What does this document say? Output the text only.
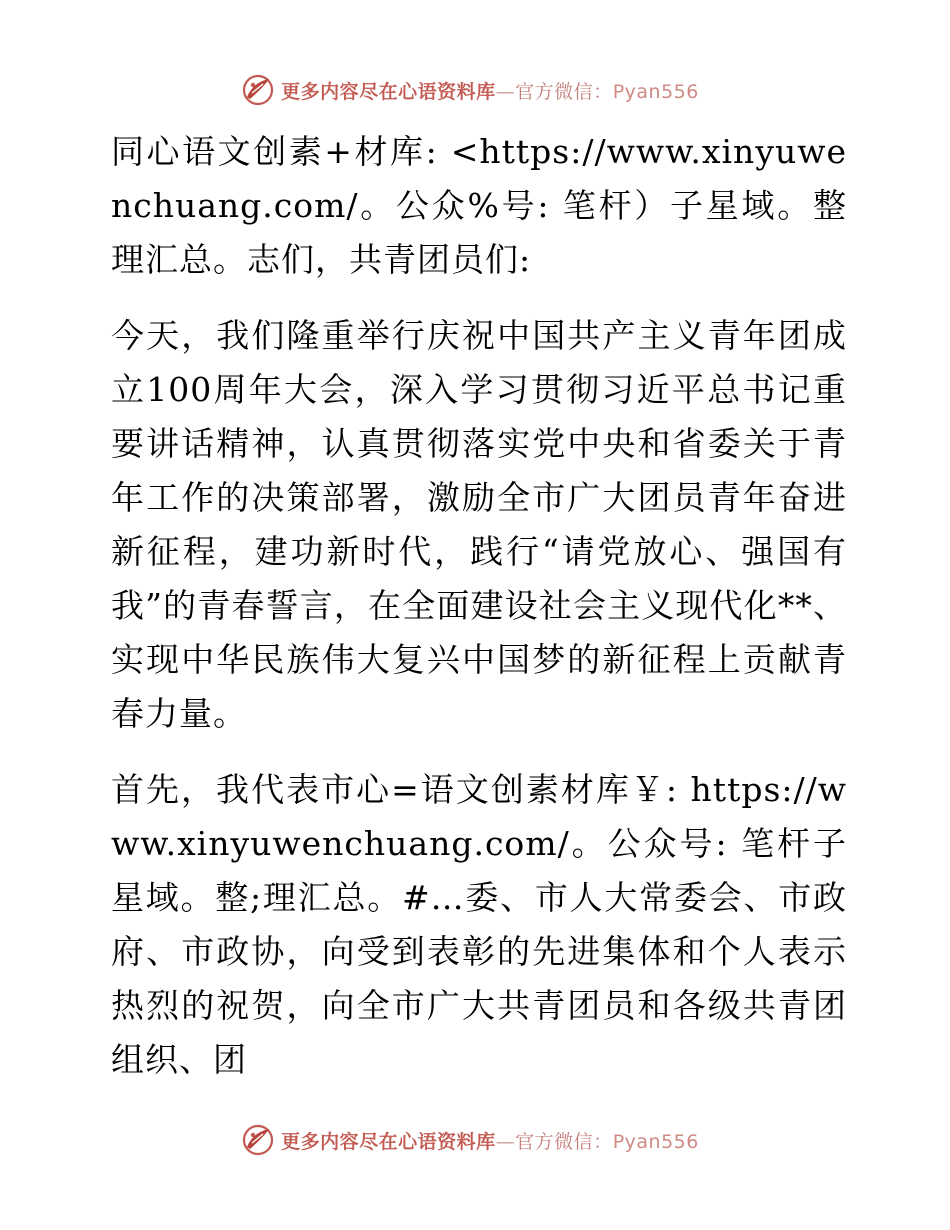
更多内容尽在心语资料库—官方微信：Pyan556

同心语文创素+材库: <https://www.xinyuwenchuang.com/。公众%号: 笔杆）子星域。整理汇总。志们，共青团员们:

今天，我们隆重举行庆祝中国共产主义青年团成立100周年大会，深入学习贯彻习近平总书记重要讲话精神，认真贯彻落实党中央和省委关于青年工作的决策部署，激励全市广大团员青年奋进新征程，建功新时代，践行“请党放心、强国有我”的青春誓言，在全面建设社会主义现代化**、实现中华民族伟大复兴中国梦的新征程上贡献青春力量。

首先，我代表市心=语文创素材库￥: https://www.xinyuwenchuang.com/。公众号: 笔杆子星域。整;理汇总。#…委、市人大常委会、市政府、市政协，向受到表彰的先进集体和个人表示热烈的祝贺，向全市广大共青团员和各级共青团组织、团

更多内容尽在心语资料库—官方微信：Pyan556
